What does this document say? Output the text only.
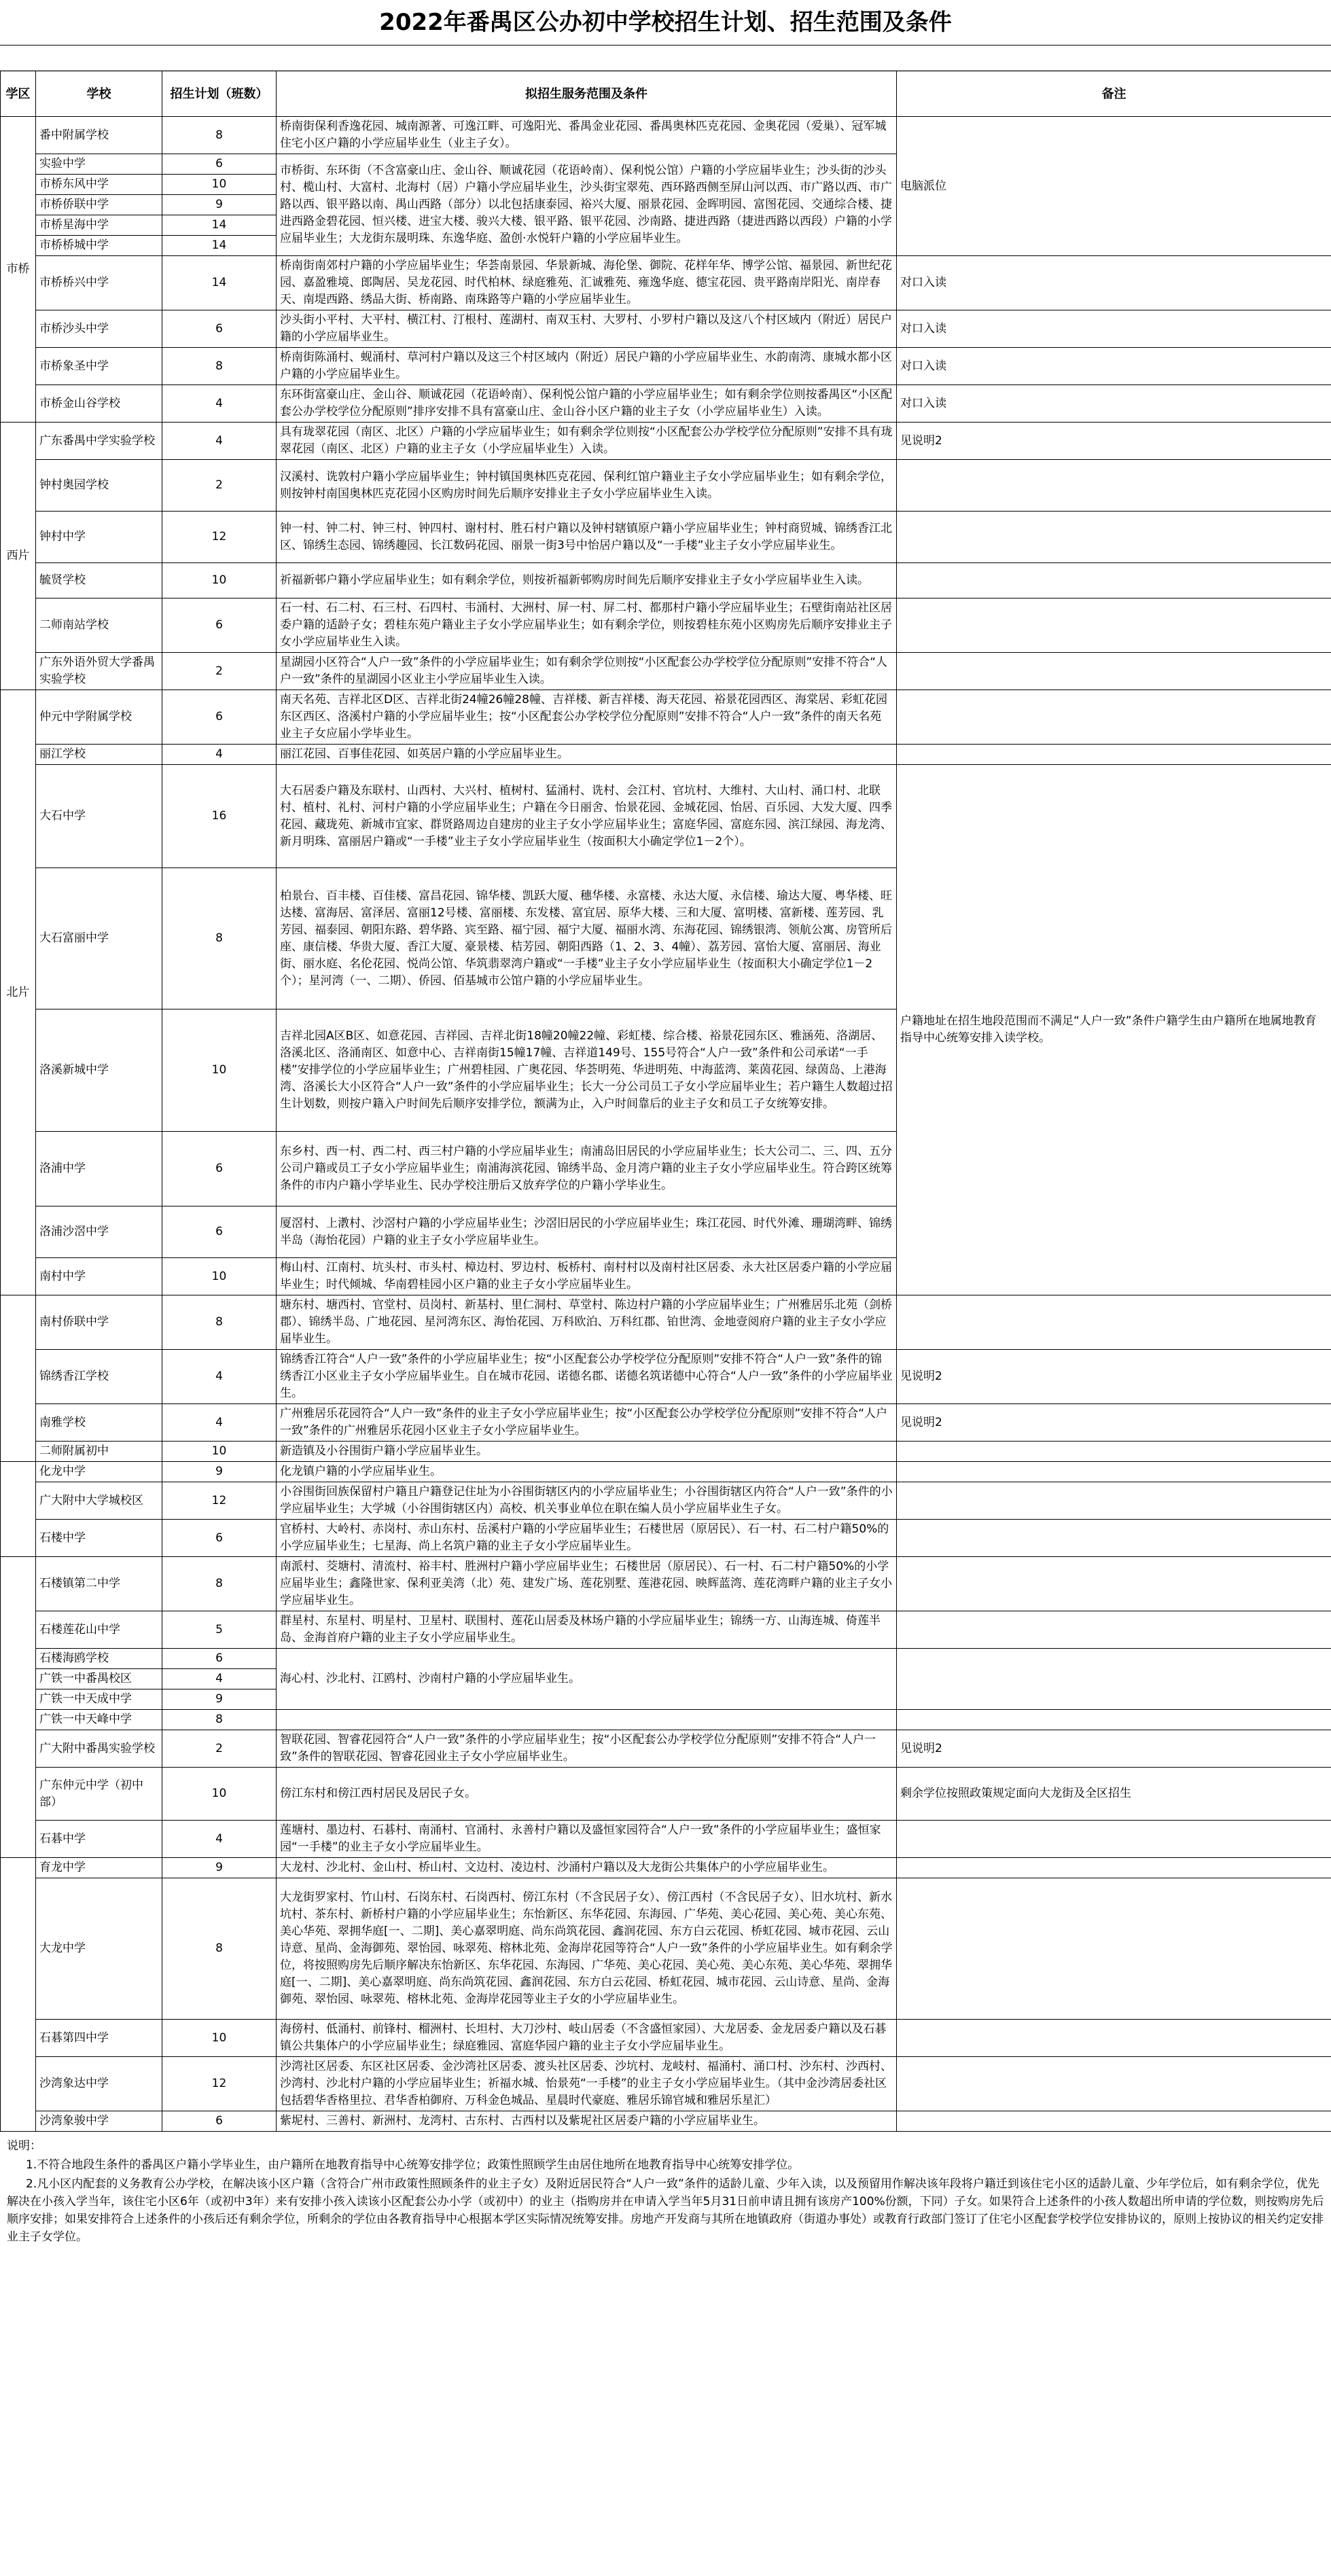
2022年番禺区公办初中学校招生计划、招生范围及条件
学区	学校	招生计划（班数）	拟招生服务范围及条件	备注
市桥	番中附属学校	8	桥南街保利香逸花园、城南源著、可逸江畔、可逸阳光、番禺金业花园、番禺奥林匹克花园、金奥花园（爱巢）、冠军城住宅小区户籍的小学应届毕业生（业主子女）。	电脑派位
	实验中学	6	市桥街、东环街（不含富豪山庄、金山谷、顺诚花园（花语岭南）、保利悦公馆）户籍的小学应届毕业生；沙头街的沙头村、榄山村、大富村、北海村（居）户籍小学应届毕业生，沙头街宝翠苑、西环路西侧至屏山河以西、市广路以西、市广路以西、银平路以南、禺山西路（部分）以北包括康泰园、裕兴大厦、丽景花园、金晖明园、富图花园、交通综合楼、捷进西路金碧花园、恒兴楼、进宝大楼、骏兴大楼、银平路、银平花园、沙南路、捷进西路（捷进西路以西段）户籍的小学应届毕业生；大龙街东晟明珠、东逸华庭、盈创·水悦轩户籍的小学应届毕业生。	
	市桥东风中学	10		
	市桥侨联中学	9		
	市桥星海中学	14		
	市桥桥城中学	14		
	市桥桥兴中学	14	桥南街南郊村户籍的小学应届毕业生；华荟南景园、华景新城、海伦堡、御院、花样年华、博学公馆、福景园、新世纪花园、嘉盈雅境、郎陶居、吴龙花园、时代柏林、绿庭雅苑、汇诚雅苑、雍逸华庭、德宝花园、贵平路南岸阳光、南岸春天、南堤西路、绣品大街、桥南路、南珠路等户籍的小学应届毕业生。	对口入读
	市桥沙头中学	6	沙头街小平村、大平村、横江村、汀根村、莲湖村、南双玉村、大罗村、小罗村户籍以及这八个村区域内（附近）居民户籍的小学应届毕业生。	对口入读
	市桥象圣中学	8	桥南街陈涌村、蚬涌村、草河村户籍以及这三个村区域内（附近）居民户籍的小学应届毕业生、水韵南湾、康城水都小区户籍的小学应届毕业生。	对口入读
	市桥金山谷学校	4	东环街富豪山庄、金山谷、顺诚花园（花语岭南）、保利悦公馆户籍的小学应届毕业生；如有剩余学位则按番禺区“小区配套公办学校学位分配原则”排序安排不具有富豪山庄、金山谷小区户籍的业主子女（小学应届毕业生）入读。	对口入读
西片	广东番禺中学实验学校	4	具有珑翠花园（南区、北区）户籍的小学应届毕业生；如有剩余学位则按“小区配套公办学校学位分配原则”安排不具有珑翠花园（南区、北区）户籍的业主子女（小学应届毕业生）入读。	见说明2
	钟村奥园学校	2	汉溪村、诜敦村户籍小学应届毕业生；钟村镇国奥林匹克花园、保利红馆户籍业主子女小学应届毕业生；如有剩余学位，则按钟村南国奥林匹克花园小区购房时间先后顺序安排业主子女小学应届毕业生入读。	
	钟村中学	12	钟一村、钟二村、钟三村、钟四村、谢村村、胜石村户籍以及钟村辖镇原户籍小学应届毕业生；钟村商贸城、锦绣香江北区、锦绣生态园、锦绣趣园、长江数码花园、丽景一街3号中怡居户籍以及“一手楼”业主子女小学应届毕业生。	
	毓贤学校	10	祈福新邨户籍小学应届毕业生；如有剩余学位，则按祈福新邨购房时间先后顺序安排业主子女小学应届毕业生入读。	
	二师南站学校	6	石一村、石二村、石三村、石四村、韦涌村、大洲村、屏一村、屏二村、都那村户籍小学应届毕业生；石壁街南站社区居委户籍的适龄子女；碧桂东苑户籍业主子女小学应届毕业生；如有剩余学位，则按碧桂东苑小区购房先后顺序安排业主子女小学应届毕业生入读。	
	广东外语外贸大学番禺实验学校	2	星湖园小区符合“人户一致”条件的小学应届毕业生；如有剩余学位则按“小区配套公办学校学位分配原则”安排不符合“人户一致”条件的星湖园小区业主小学应届毕业生入读。	
北片	仲元中学附属学校	6	南天名苑、吉祥北区D区、吉祥北街24幢26幢28幢、吉祥楼、新吉祥楼、海天花园、裕景花园西区、海棠居、彩虹花园东区西区、洛溪村户籍的小学应届毕业生；按“小区配套公办学校学位分配原则”安排不符合“人户一致”条件的南天名苑业主子女应届小学毕业生。	
	丽江学校	4	丽江花园、百事佳花园、如英居户籍的小学应届毕业生。	
	大石中学	16	大石居委户籍及东联村、山西村、大兴村、植树村、猛涌村、诜村、会江村、官坑村、大维村、大山村、涌口村、北联村、植村、礼村、河村户籍的小学应届毕业生；户籍在今日丽舍、怡景花园、金城花园、怡居、百乐园、大发大厦、四季花园、藏珑苑、新城市宜家、群贤路周边自建房的业主子女小学应届毕业生；富庭华园、富庭东园、滨江绿园、海龙湾、新月明珠、富丽居户籍或“一手楼”业主子女小学应届毕业生（按面积大小确定学位1－2个）。	户籍地址在招生地段范围而不满足“人户一致”条件户籍学生由户籍所在地属地教育指导中心统筹安排入读学校。
	大石富丽中学	8	柏景台、百丰楼、百佳楼、富昌花园、锦华楼、凯跃大厦、穗华楼、永富楼、永达大厦、永信楼、瑜达大厦、粤华楼、旺达楼、富海居、富泽居、富丽12号楼、富丽楼、东发楼、富宜居、原华大楼、三和大厦、富明楼、富新楼、莲芳园、乳芳园、福泰园、朝阳东路、碧华路、宾至路、福宁园、福宁大厦、福丽水湾、东海花园、锦绣银湾、领航公寓、房管所后座、康信楼、华贵大厦、香江大厦、豪景楼、桔芳园、朝阳西路（1、2、3、4幢）、荔芳园、富怡大厦、富丽居、海业街、丽水庭、名伦花园、悦尚公馆、华筑翡翠湾户籍或“一手楼”业主子女小学应届毕业生（按面积大小确定学位1－2个）；星河湾（一、二期）、侨园、佰基城市公馆户籍的小学应届毕业生。	
	洛溪新城中学	10	吉祥北园A区B区、如意花园、吉祥园、吉祥北街18幢20幢22幢、彩虹楼、综合楼、裕景花园东区、雅涵苑、洛湖居、洛溪北区、洛涌南区、如意中心、吉祥南街15幢17幢、吉祥道149号、155号符合“人户一致”条件和公司承诺“一手楼”安排学位的小学应届毕业生；广州碧桂园、广奥花园、华荟明苑、华进明苑、中海蓝湾、莱茵花园、绿茵岛、上港海湾、洛溪长大小区符合“人户一致”条件的小学应届毕业生；长大一分公司员工子女小学应届毕业生；若户籍生人数超过招生计划数，则按户籍入户时间先后顺序安排学位，额满为止，入户时间靠后的业主子女和员工子女统筹安排。	
	洛浦中学	6	东乡村、西一村、西二村、西三村户籍的小学应届毕业生；南浦岛旧居民的小学应届毕业生；长大公司二、三、四、五分公司户籍或员工子女小学应届毕业生；南浦海滨花园、锦绣半岛、金月湾户籍的业主子女小学应届毕业生。符合跨区统筹条件的市内户籍小学毕业生、民办学校注册后又放弃学位的户籍小学毕业生。	
	洛浦沙滘中学	6	厦滘村、上漖村、沙滘村户籍的小学应届毕业生；沙滘旧居民的小学应届毕业生；珠江花园、时代外滩、珊瑚湾畔、锦绣半岛（海怡花园）户籍的业主子女小学应届毕业生。	
	南村中学	10	梅山村、江南村、坑头村、市头村、樟边村、罗边村、板桥村、南村村以及南村社区居委、永大社区居委户籍的小学应届毕业生；时代倾城、华南碧桂园小区户籍的业主子女小学应届毕业生。	
	南村侨联中学	8	塘东村、塘西村、官堂村、员岗村、新基村、里仁洞村、草堂村、陈边村户籍的小学应届毕业生；广州雅居乐北苑（剑桥郡）、锦绣半岛、广地花园、星河湾东区、海怡花园、万科欧泊、万科红郡、铂世湾、金地壹阅府户籍的业主子女小学应届毕业生。	
	锦绣香江学校	4	锦绣香江符合“人户一致”条件的小学应届毕业生；按“小区配套公办学校学位分配原则”安排不符合“人户一致”条件的锦绣香江小区业主子女小学应届毕业生。自在城市花园、诺德名郡、诺德名筑诺德中心符合“人户一致”条件的小学应届毕业生。	见说明2
	南雅学校	4	广州雅居乐花园符合“人户一致”条件的业主子女小学应届毕业生；按“小区配套公办学校学位分配原则”安排不符合“人户一致”条件的广州雅居乐花园小区业主子女小学应届毕业生。	见说明2
	二师附属初中	10	新造镇及小谷围街户籍小学应届毕业生。	
	化龙中学	9	化龙镇户籍的小学应届毕业生。	
	广大附中大学城校区	12	小谷围街回族保留村户籍且户籍登记住址为小谷围街辖区内的小学应届毕业生；小谷围街辖区内符合“人户一致”条件的小学应届毕业生；大学城（小谷围街辖区内）高校、机关事业单位在职在编人员小学应届毕业生子女。	
	石楼中学	6	官桥村、大岭村、赤岗村、赤山东村、岳溪村户籍的小学应届毕业生；石楼世居（原居民）、石一村、石二村户籍50%的小学应届毕业生；七星海、尚上名筑户籍的业主子女小学应届毕业生。	
	石楼镇第二中学	8	南派村、茭塘村、清流村、裕丰村、胜洲村户籍小学应届毕业生；石楼世居（原居民）、石一村、石二村户籍50%的小学应届毕业生；鑫隆世家、保利亚美湾（北）苑、建发广场、莲花别墅、莲港花园、映辉蓝湾、莲花湾畔户籍的业主子女小学应届毕业生。	
	石楼莲花山中学	5	群星村、东星村、明星村、卫星村、联围村、莲花山居委及林场户籍的小学应届毕业生；锦绣一方、山海连城、倚莲半岛、金海首府户籍的业主子女小学应届毕业生。	
	石楼海鸥学校	6	海心村、沙北村、江鸥村、沙南村户籍的小学应届毕业生。	
	广铁一中番禺校区	4		
	广铁一中天成中学	9		
	广铁一中天峰中学	8		
	广大附中番禺实验学校	2	智联花园、智睿花园符合“人户一致”条件的小学应届毕业生；按“小区配套公办学校学位分配原则”安排不符合“人户一致”条件的智联花园、智睿花园业主子女小学应届毕业生。	见说明2
	广东仲元中学（初中部）	10	傍江东村和傍江西村居民及居民子女。	剩余学位按照政策规定面向大龙街及全区招生
	石碁中学	4	莲塘村、墨边村、石碁村、南涌村、官涌村、永善村户籍以及盛恒家园符合“人户一致”条件的小学应届毕业生；盛恒家园“一手楼”的业主子女小学应届毕业生。	
	育龙中学	9	大龙村、沙北村、金山村、桥山村、文边村、凌边村、沙涌村户籍以及大龙街公共集体户的小学应届毕业生。	
	大龙中学	8	大龙街罗家村、竹山村、石岗东村、石岗西村、傍江东村（不含民居子女）、傍江西村（不含民居子女）、旧水坑村、新水坑村、茶东村、新桥村户籍的小学应届毕业生；东怡新区、东华花园、东海园、广华苑、美心花园、美心苑、美心东苑、美心华苑、翠拥华庭[一、二期]、美心嘉翠明庭、尚东尚筑花园、鑫润花园、东方白云花园、桥虹花园、城市花园、云山诗意、星尚、金海御苑、翠怡园、咏翠苑、榕林北苑、金海岸花园等符合“人户一致”条件的小学应届毕业生。如有剩余学位，将按照购房先后顺序解决东怡新区、东华花园、东海园、广华苑、美心花园、美心苑、美心东苑、美心华苑、翠拥华庭[一、二期]、美心嘉翠明庭、尚东尚筑花园、鑫润花园、东方白云花园、桥虹花园、城市花园、云山诗意、星尚、金海御苑、翠怡园、咏翠苑、榕林北苑、金海岸花园等业主子女的小学应届毕业生。	
	石碁第四中学	10	海傍村、低涌村、前锋村、榴洲村、长坦村、大刀沙村、岐山居委（不含盛恒家园）、大龙居委、金龙居委户籍以及石碁镇公共集体户的小学应届毕业生；绿庭雅园、富庭华园户籍的业主子女小学应届毕业生。	
	沙湾象达中学	12	沙湾社区居委、东区社区居委、金沙湾社区居委、渡头社区居委、沙坑村、龙岐村、福涌村、涌口村、沙东村、沙西村、沙湾村、沙北村户籍的小学应届毕业生；祈福水城、怡景苑“一手楼”的业主子女小学应届毕业生。（其中金沙湾居委社区包括碧华香格里拉、君华香柏御府、万科金色城品、星晨时代豪庭、雅居乐锦官城和雅居乐星汇）	
	沙湾象骏中学	6	紫坭村、三善村、新洲村、龙湾村、古东村、古西村以及紫坭社区居委户籍的小学应届毕业生。	

说明：

1.不符合地段生条件的番禺区户籍小学毕业生，由户籍所在地教育指导中心统筹安排学位；政策性照顾学生由居住地所在地教育指导中心统筹安排学位。

2.凡小区内配套的义务教育公办学校，在解决该小区户籍（含符合广州市政策性照顾条件的业主子女）及附近居民符合“人户一致”条件的适龄儿童、少年入读，以及预留用作解决该年段将户籍迁到该住宅小区的适龄儿童、少年学位后，如有剩余学位，优先解决在小孩入学当年，该住宅小区6年（或初中3年）来有安排小孩入读该小区配套公办小学（或初中）的业主（指购房并在申请入学当年5月31日前申请且拥有该房产100%份额，下同）子女。如果符合上述条件的小孩人数超出所申请的学位数，则按购房先后顺序安排；如果安排符合上述条件的小孩后还有剩余学位，所剩余的学位由各教育指导中心根据本学区实际情况统筹安排。房地产开发商与其所在地镇政府（街道办事处）或教育行政部门签订了住宅小区配套学校学位安排协议的，原则上按协议的相关约定安排业主子女学位。
